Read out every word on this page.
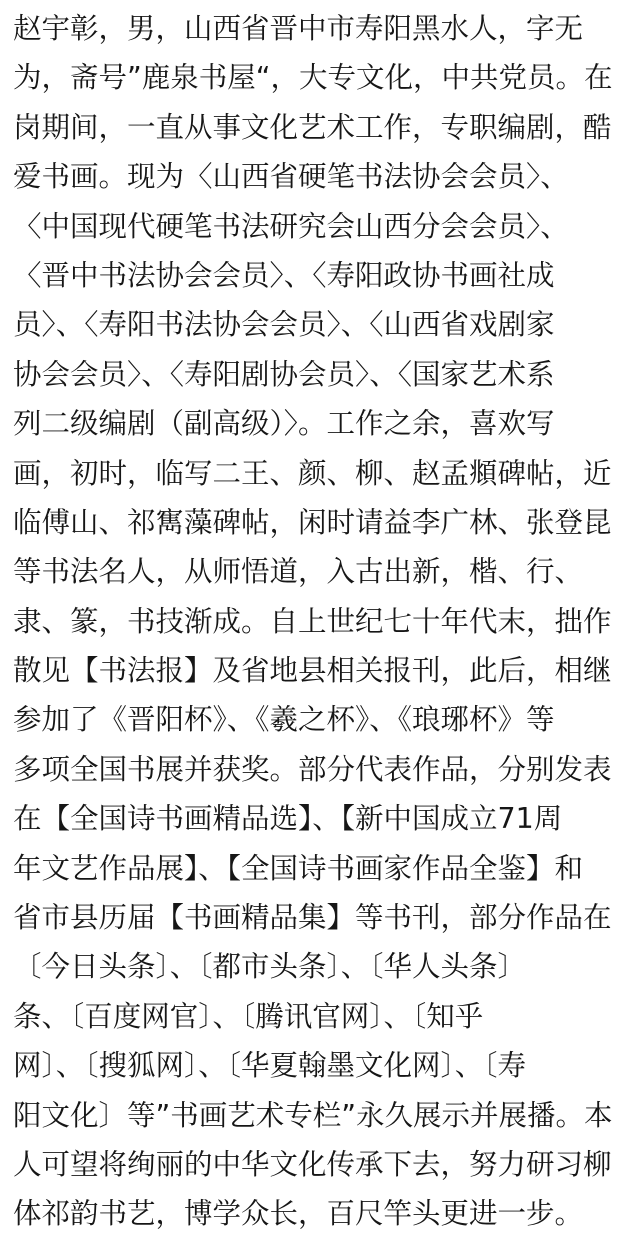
赵宇彰，男，山西省晋中市寿阳黑水人，字无
为，斋号”鹿泉书屋“，大专文化，中共党员。在
岗期间，一直从事文化艺术工作，专职编剧，酷
爱书画。现为〈山西省硬笔书法协会会员〉、
〈中国现代硬笔书法研究会山西分会会员〉、
〈晋中书法协会会员〉、〈寿阳政协书画社成
员〉、〈寿阳书法协会会员〉、〈山西省戏剧家
协会会员〉、〈寿阳剧协会员〉、〈国家艺术系
列二级编剧（副高级）〉。工作之余，喜欢写
画，初时，临写二王、颜、柳、赵孟頫碑帖，近
临傅山、祁寯藻碑帖，闲时请益李广林、张登昆
等书法名人，从师悟道，入古出新，楷、行、
隶、篆，书技渐成。自上世纪七十年代末，拙作
散见【书法报】及省地县相关报刊，此后，相继
参加了《晋阳杯》、《羲之杯》、《琅琊杯》等
多项全国书展并获奖。部分代表作品，分别发表
在【全国诗书画精品选】、【新中国成立71周
年文艺作品展】、【全国诗书画家作品全鉴】和
省市县历届【书画精品集】等书刊，部分作品在
〔今日头条〕、〔都市头条〕、〔华人头条〕
条、〔百度网官〕、〔腾讯官网〕、〔知乎
网〕、〔搜狐网〕、〔华夏翰墨文化网〕、〔寿
阳文化〕等”书画艺术专栏”永久展示并展播。本
人可望将绚丽的中华文化传承下去，努力研习柳
体祁韵书艺，博学众长，百尺竿头更进一步。
